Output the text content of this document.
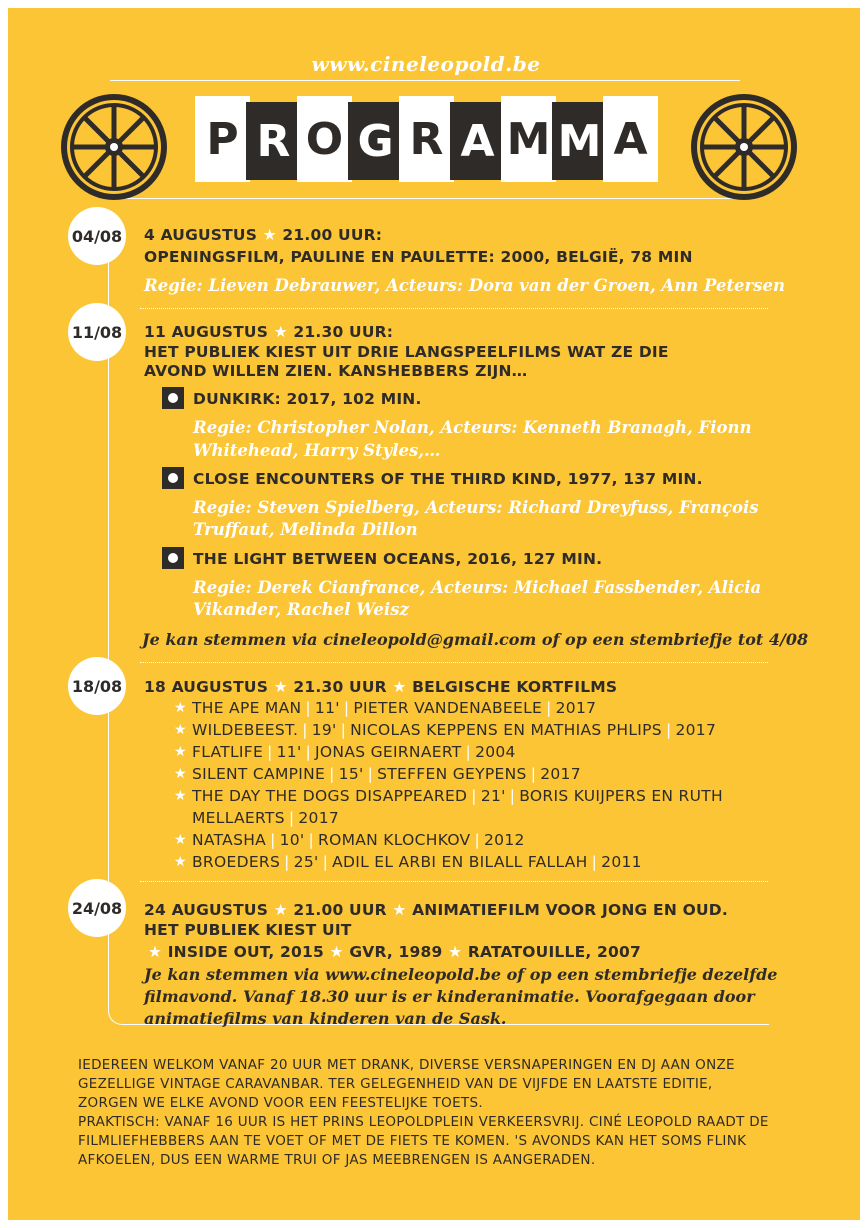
www.cineleopold.be
P R O G R A M M A
04/08 4 AUGUSTUS ★ 21.00 UUR:
OPENINGSFILM, PAULINE EN PAULETTE: 2000, BELGIË, 78 MIN
Regie: Lieven Debrauwer, Acteurs: Dora van der Groen, Ann Petersen
11/08 11 AUGUSTUS ★ 21.30 UUR:
HET PUBLIEK KIEST UIT DRIE LANGSPEELFILMS WAT ZE DIE
AVOND WILLEN ZIEN. KANSHEBBERS ZIJN…
DUNKIRK: 2017, 102 MIN.
Regie: Christopher Nolan, Acteurs: Kenneth Branagh, Fionn
Whitehead, Harry Styles,…
CLOSE ENCOUNTERS OF THE THIRD KIND, 1977, 137 MIN.
Regie: Steven Spielberg, Acteurs: Richard Dreyfuss, François
Truffaut, Melinda Dillon
THE LIGHT BETWEEN OCEANS, 2016, 127 MIN.
Regie: Derek Cianfrance, Acteurs: Michael Fassbender, Alicia
Vikander, Rachel Weisz
Je kan stemmen via cineleopold@gmail.com of op een stembriefje tot 4/08
18/08 18 AUGUSTUS ★ 21.30 UUR ★ BELGISCHE KORTFILMS
★ THE APE MAN | 11' | PIETER VANDENABEELE | 2017
★ WILDEBEEST. | 19' | NICOLAS KEPPENS EN MATHIAS PHLIPS | 2017
★ FLATLIFE | 11' | JONAS GEIRNAERT | 2004
★ SILENT CAMPINE | 15' | STEFFEN GEYPENS | 2017
★ THE DAY THE DOGS DISAPPEARED | 21' | BORIS KUIJPERS EN RUTH
MELLAERTS | 2017
★ NATASHA | 10' | ROMAN KLOCHKOV | 2012
★ BROEDERS | 25' | ADIL EL ARBI EN BILALL FALLAH | 2011
24/08 24 AUGUSTUS ★ 21.00 UUR ★ ANIMATIEFILM VOOR JONG EN OUD.
HET PUBLIEK KIEST UIT
★ INSIDE OUT, 2015 ★ GVR, 1989 ★ RATATOUILLE, 2007
Je kan stemmen via www.cineleopold.be of op een stembriefje dezelfde
filmavond. Vanaf 18.30 uur is er kinderanimatie. Voorafgegaan door
animatiefilms van kinderen van de Sask.
IEDEREEN WELKOM VANAF 20 UUR MET DRANK, DIVERSE VERSNAPERINGEN EN DJ AAN ONZE
GEZELLIGE VINTAGE CARAVANBAR. TER GELEGENHEID VAN DE VIJFDE EN LAATSTE EDITIE,
ZORGEN WE ELKE AVOND VOOR EEN FEESTELIJKE TOETS.
PRAKTISCH: VANAF 16 UUR IS HET PRINS LEOPOLDPLEIN VERKEERSVRIJ. CINÉ LEOPOLD RAADT DE
FILMLIEFHEBBERS AAN TE VOET OF MET DE FIETS TE KOMEN. 'S AVONDS KAN HET SOMS FLINK
AFKOELEN, DUS EEN WARME TRUI OF JAS MEEBRENGEN IS AANGERADEN.
